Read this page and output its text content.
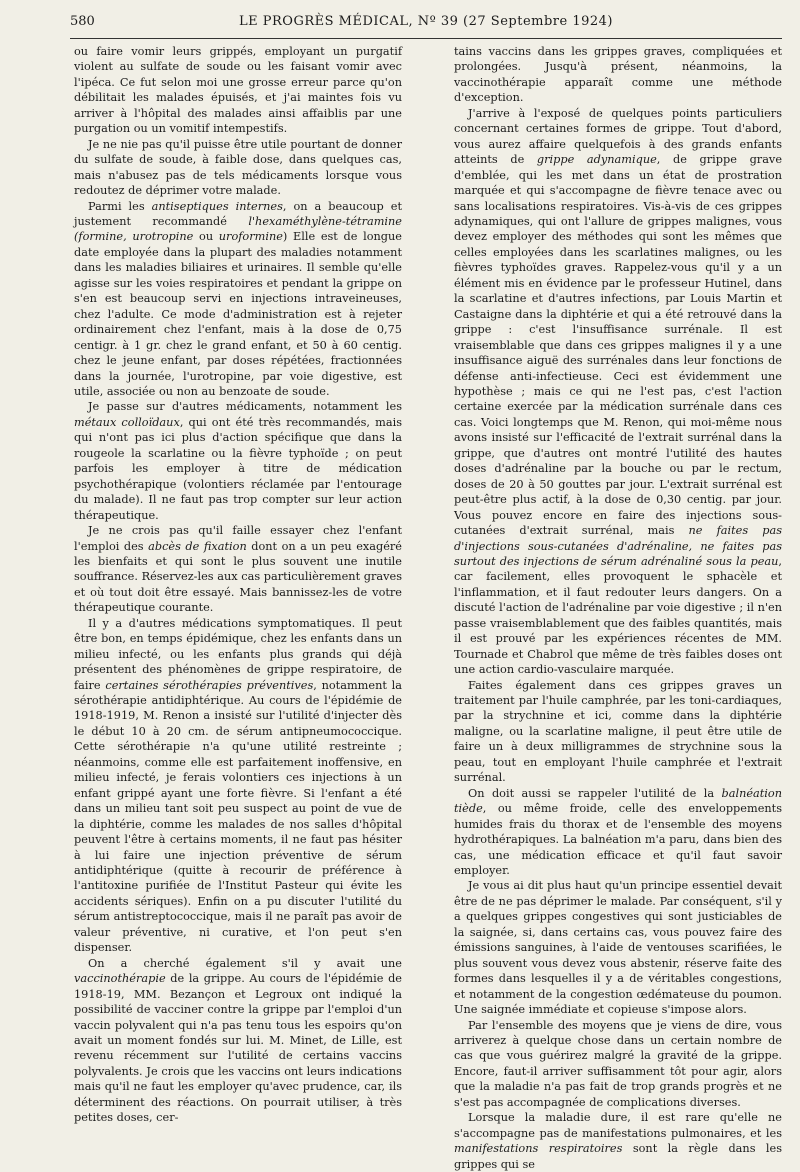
580	LE PROGRÈS MÉDICAL, Nº 39 (27 Septembre 1924)

ou faire vomir leurs grippés, employant un purgatif violent au sulfate de soude ou les faisant vomir avec l'ipéca. Ce fut selon moi une grosse erreur parce qu'on débilitait les malades épuisés, et j'ai maintes fois vu arriver à l'hôpital des malades ainsi affaiblis par une purgation ou un vomitif intempestifs.

Je ne nie pas qu'il puisse être utile pourtant de donner du sulfate de soude, à faible dose, dans quelques cas, mais n'abusez pas de tels médicaments lorsque vous redoutez de déprimer votre malade.

Parmi les antiseptiques internes, on a beaucoup et justement recommandé l'hexaméthylène-tétramine (formine, urotropine ou uroformine) Elle est de longue date employée dans la plupart des maladies notamment dans les maladies biliaires et urinaires. Il semble qu'elle agisse sur les voies respiratoires et pendant la grippe on s'en est beaucoup servi en injections intraveineuses, chez l'adulte. Ce mode d'administration est à rejeter ordinairement chez l'enfant, mais à la dose de 0,75 centigr. à 1 gr. chez le grand enfant, et 50 à 60 centig. chez le jeune enfant, par doses répétées, fractionnées dans la journée, l'urotropine, par voie digestive, est utile, associée ou non au benzoate de soude.

Je passe sur d'autres médicaments, notamment les métaux colloïdaux, qui ont été très recommandés, mais qui n'ont pas ici plus d'action spécifique que dans la rougeole la scarlatine ou la fièvre typhoïde ; on peut parfois les employer à titre de médication psychothérapique (volontiers réclamée par l'entourage du malade). Il ne faut pas trop compter sur leur action thérapeutique.

Je ne crois pas qu'il faille essayer chez l'enfant l'emploi des abcès de fixation dont on a un peu exagéré les bienfaits et qui sont le plus souvent une inutile souffrance. Réservez-les aux cas particulièrement graves et où tout doit être essayé. Mais bannissez-les de votre thérapeutique courante.

Il y a d'autres médications symptomatiques. Il peut être bon, en temps épidémique, chez les enfants dans un milieu infecté, ou les enfants plus grands qui déjà présentent des phénomènes de grippe respiratoire, de faire certaines sérothérapies préventives, notamment la sérothérapie antidiphtérique. Au cours de l'épidémie de 1918-1919, M. Renon a insisté sur l'utilité d'injecter dès le début 10 à 20 cm. de sérum antipneumococcique. Cette sérothérapie n'a qu'une utilité restreinte ; néanmoins, comme elle est parfaitement inoffensive, en milieu infecté, je ferais volontiers ces injections à un enfant grippé ayant une forte fièvre. Si l'enfant a été dans un milieu tant soit peu suspect au point de vue de la diphtérie, comme les malades de nos salles d'hôpital peuvent l'être à certains moments, il ne faut pas hésiter à lui faire une injection préventive de sérum antidiphtérique (quitte à recourir de préférence à l'antitoxine purifiée de l'Institut Pasteur qui évite les accidents sériques). Enfin on a pu discuter l'utilité du sérum antistreptococcique, mais il ne paraît pas avoir de valeur préventive, ni curative, et l'on peut s'en dispenser.

On a cherché également s'il y avait une vaccinothérapie de la grippe. Au cours de l'épidémie de 1918-19, MM. Bezançon et Legroux ont indiqué la possibilité de vacciner contre la grippe par l'emploi d'un vaccin polyvalent qui n'a pas tenu tous les espoirs qu'on avait un moment fondés sur lui. M. Minet, de Lille, est revenu récemment sur l'utilité de certains vaccins polyvalents. Je crois que les vaccins ont leurs indications mais qu'il ne faut les employer qu'avec prudence, car, ils déterminent des réactions. On pourrait utiliser, à très petites doses, cer-

tains vaccins dans les grippes graves, compliquées et prolongées. Jusqu'à présent, néanmoins, la vaccinothérapie apparaît comme une méthode d'exception.

J'arrive à l'exposé de quelques points particuliers concernant certaines formes de grippe. Tout d'abord, vous aurez affaire quelquefois à des grands enfants atteints de grippe adynamique, de grippe grave d'emblée, qui les met dans un état de prostration marquée et qui s'accompagne de fièvre tenace avec ou sans localisations respiratoires. Vis-à-vis de ces grippes adynamiques, qui ont l'allure de grippes malignes, vous devez employer des méthodes qui sont les mêmes que celles employées dans les scarlatines malignes, ou les fièvres typhoïdes graves. Rappelez-vous qu'il y a un élément mis en évidence par le professeur Hutinel, dans la scarlatine et d'autres infections, par Louis Martin et Castaigne dans la diphtérie et qui a été retrouvé dans la grippe : c'est l'insuffisance surrénale. Il est vraisemblable que dans ces grippes malignes il y a une insuffisance aiguë des surrénales dans leur fonctions de défense anti-infectieuse. Ceci est évidemment une hypothèse ; mais ce qui ne l'est pas, c'est l'action certaine exercée par la médication surrénale dans ces cas. Voici longtemps que M. Renon, qui moi-même nous avons insisté sur l'efficacité de l'extrait surrénal dans la grippe, que d'autres ont montré l'utilité des hautes doses d'adrénaline par la bouche ou par le rectum, doses de 20 à 50 gouttes par jour. L'extrait surrénal est peut-être plus actif, à la dose de 0,30 centig. par jour. Vous pouvez encore en faire des injections sous-cutanées d'extrait surrénal, mais ne faites pas d'injections sous-cutanées d'adrénaline, ne faites pas surtout des injections de sérum adrénaliné sous la peau, car facilement, elles provoquent le sphacèle et l'inflammation, et il faut redouter leurs dangers. On a discuté l'action de l'adrénaline par voie digestive ; il n'en passe vraisemblablement que des faibles quantités, mais il est prouvé par les expériences récentes de MM. Tournade et Chabrol que même de très faibles doses ont une action cardio-vasculaire marquée.

Faites également dans ces grippes graves un traitement par l'huile camphrée, par les toni-cardiaques, par la strychnine et ici, comme dans la diphtérie maligne, ou la scarlatine maligne, il peut être utile de faire un à deux milligrammes de strychnine sous la peau, tout en employant l'huile camphrée et l'extrait surrénal.

On doit aussi se rappeler l'utilité de la balnéation tiède, ou même froide, celle des enveloppements humides frais du thorax et de l'ensemble des moyens hydrothérapiques. La balnéation m'a paru, dans bien des cas, une médication efficace et qu'il faut savoir employer.

Je vous ai dit plus haut qu'un principe essentiel devait être de ne pas déprimer le malade. Par conséquent, s'il y a quelques grippes congestives qui sont justiciables de la saignée, si, dans certains cas, vous pouvez faire des émissions sanguines, à l'aide de ventouses scarifiées, le plus souvent vous devez vous abstenir, réserve faite des formes dans lesquelles il y a de véritables congestions, et notamment de la congestion œdémateuse du poumon. Une saignée immédiate et copieuse s'impose alors.

Par l'ensemble des moyens que je viens de dire, vous arriverez à quelque chose dans un certain nombre de cas que vous guérirez malgré la gravité de la grippe. Encore, faut-il arriver suffisamment tôt pour agir, alors que la maladie n'a pas fait de trop grands progrès et ne s'est pas accompagnée de complications diverses.

Lorsque la maladie dure, il est rare qu'elle ne s'accompagne pas de manifestations pulmonaires, et les manifestations respiratoires sont la règle dans les grippes qui se
